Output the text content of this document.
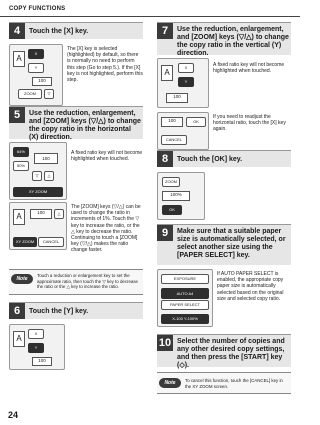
COPY FUNCTIONS
4	Touch the [X] key.
A
X
Y
100
ZOOM	▽
The [X] key is selected (highlighted) by default, so there is normally no need to perform this step (Go to step 5.). If the [X] key is not highlighted, perform this step.
5	Use the reduction, enlargement, and [ZOOM] keys (▽/△) to change the copy ratio in the horizontal (X) direction.
64%
50%
100
▽	△
XY ZOOM
A fixed ratio key will not become highlighted when touched.
A	100	△
XY ZOOM	CANCEL
The [ZOOM] keys (▽/△) can be used to change the ratio in increments of 1%. Touch the ▽ key to increase the ratio, or the △ key to decrease the ratio. Continuing to touch a [ZOOM] key (▽/△) makes the ratio change faster.
Note
Touch a reduction or enlargement key to set the approximate ratio, then touch the ▽ key to decrease the ratio or the △ key to increase the ratio.
6	Touch the [Y] key.
A
X
Y
100
7	Use the reduction, enlargement, and [ZOOM] keys (▽/△) to change the copy ratio in the vertical (Y) direction.
A
X
Y
100
A fixed ratio key will not become highlighted when touched.
100	OK
CANCEL
If you need to readjust the horizontal ratio, touch the [X] key again.
8	Touch the [OK] key.
ZOOM
100%
OK
9	Make sure that a suitable paper size is automatically selected, or select another size using the [PAPER SELECT] key.
EXPOSURE
AUTO A4
PAPER SELECT
X-100 Y-100%
If AUTO PAPER SELECT is enabled, the appropriate copy paper size is automatically selected based on the original size and selected copy ratio.
10 Select the number of copies and any other desired copy settings, and then press the [START] key (◇).
Note	To cancel this function, touch the [CANCEL] key in the XY ZOOM screen.
24
